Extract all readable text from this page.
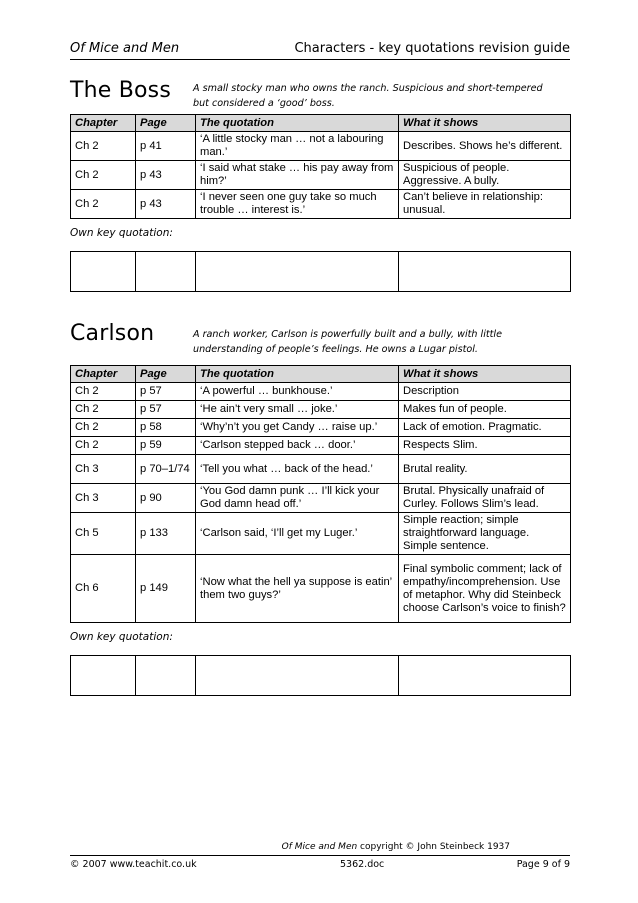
Of Mice and Men	Characters - key quotations revision guide
The Boss A small stocky man who owns the ranch. Suspicious and short-tempered
but considered a ‘good’ boss.
Chapter	Page	The quotation	What it shows
Ch 2	p 41	‘A little stocky man … not a labouring man.’	Describes. Shows he’s different.
Ch 2	p 43	‘I said what stake … his pay away from him?’	Suspicious of people. Aggressive. A bully.
Ch 2	p 43	‘I never seen one guy take so much trouble … interest is.’	Can’t believe in relationship: unusual.
Own key quotation:

Carlson	A ranch worker, Carlson is powerfully built and a bully, with little
understanding of people’s feelings. He owns a Lugar pistol.
Chapter	Page	The quotation	What it shows
Ch 2	p 57	‘A powerful … bunkhouse.’	Description
Ch 2	p 57	‘He ain’t very small … joke.’	Makes fun of people.
Ch 2	p 58	‘Why’n’t you get Candy … raise up.’	Lack of emotion. Pragmatic.
Ch 2	p 59	‘Carlson stepped back … door.’	Respects Slim.
Ch 3	p 70–1/74	‘Tell you what … back of the head.’	Brutal reality.
Ch 3	p 90	‘You God damn punk … I’ll kick your God damn head off.’	Brutal. Physically unafraid of Curley. Follows Slim’s lead.
Ch 5	p 133	‘Carlson said, ‘I’ll get my Luger.’	Simple reaction; simple straightforward language. Simple sentence.
Ch 6	p 149	‘Now what the hell ya suppose is eatin’ them two guys?’	Final symbolic comment; lack of empathy/incomprehension. Use of metaphor. Why did Steinbeck choose Carlson’s voice to finish?
Own key quotation:

Of Mice and Men copyright © John Steinbeck 1937
© 2007 www.teachit.co.uk	5362.doc	Page 9 of 9
